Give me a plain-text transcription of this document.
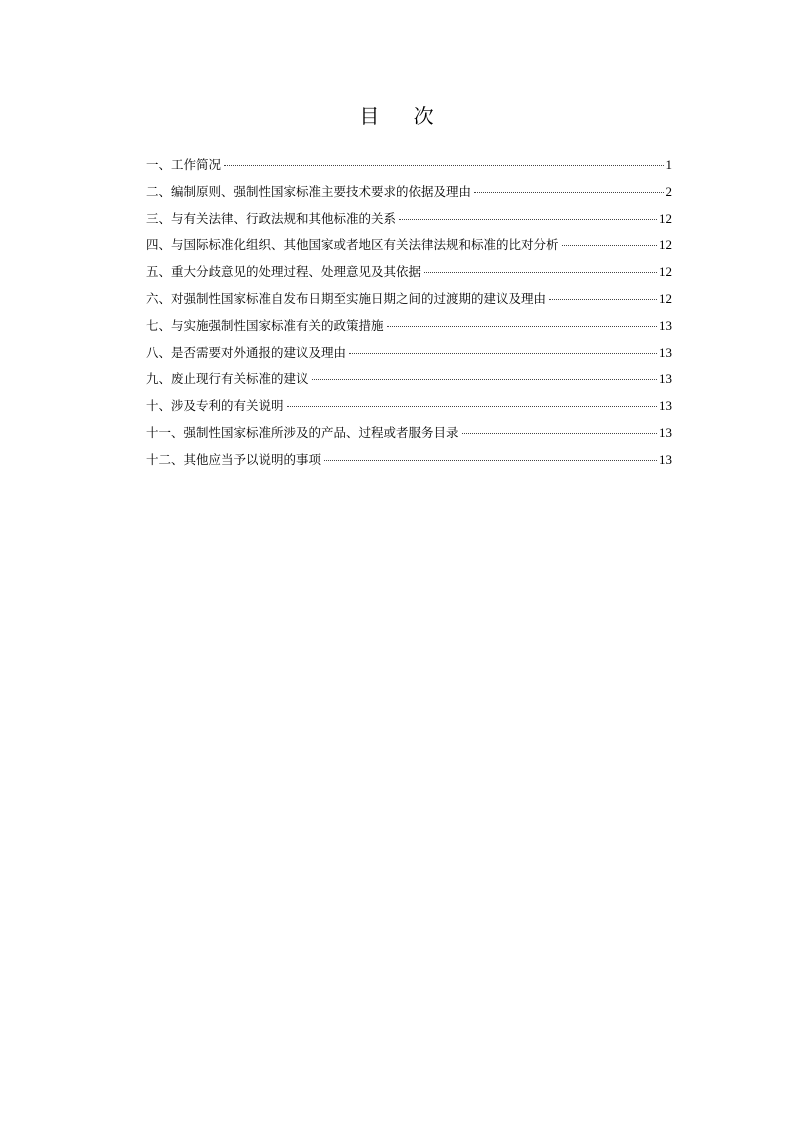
目 次
一、工作简况	1
二、编制原则、强制性国家标准主要技术要求的依据及理由	2
三、与有关法律、行政法规和其他标准的关系	12
四、与国际标准化组织、其他国家或者地区有关法律法规和标准的比对分析	12
五、重大分歧意见的处理过程、处理意见及其依据	12
六、对强制性国家标准自发布日期至实施日期之间的过渡期的建议及理由	12
七、与实施强制性国家标准有关的政策措施	13
八、是否需要对外通报的建议及理由	13
九、废止现行有关标准的建议	13
十、涉及专利的有关说明	13
十一、强制性国家标准所涉及的产品、过程或者服务目录	13
十二、其他应当予以说明的事项	13
